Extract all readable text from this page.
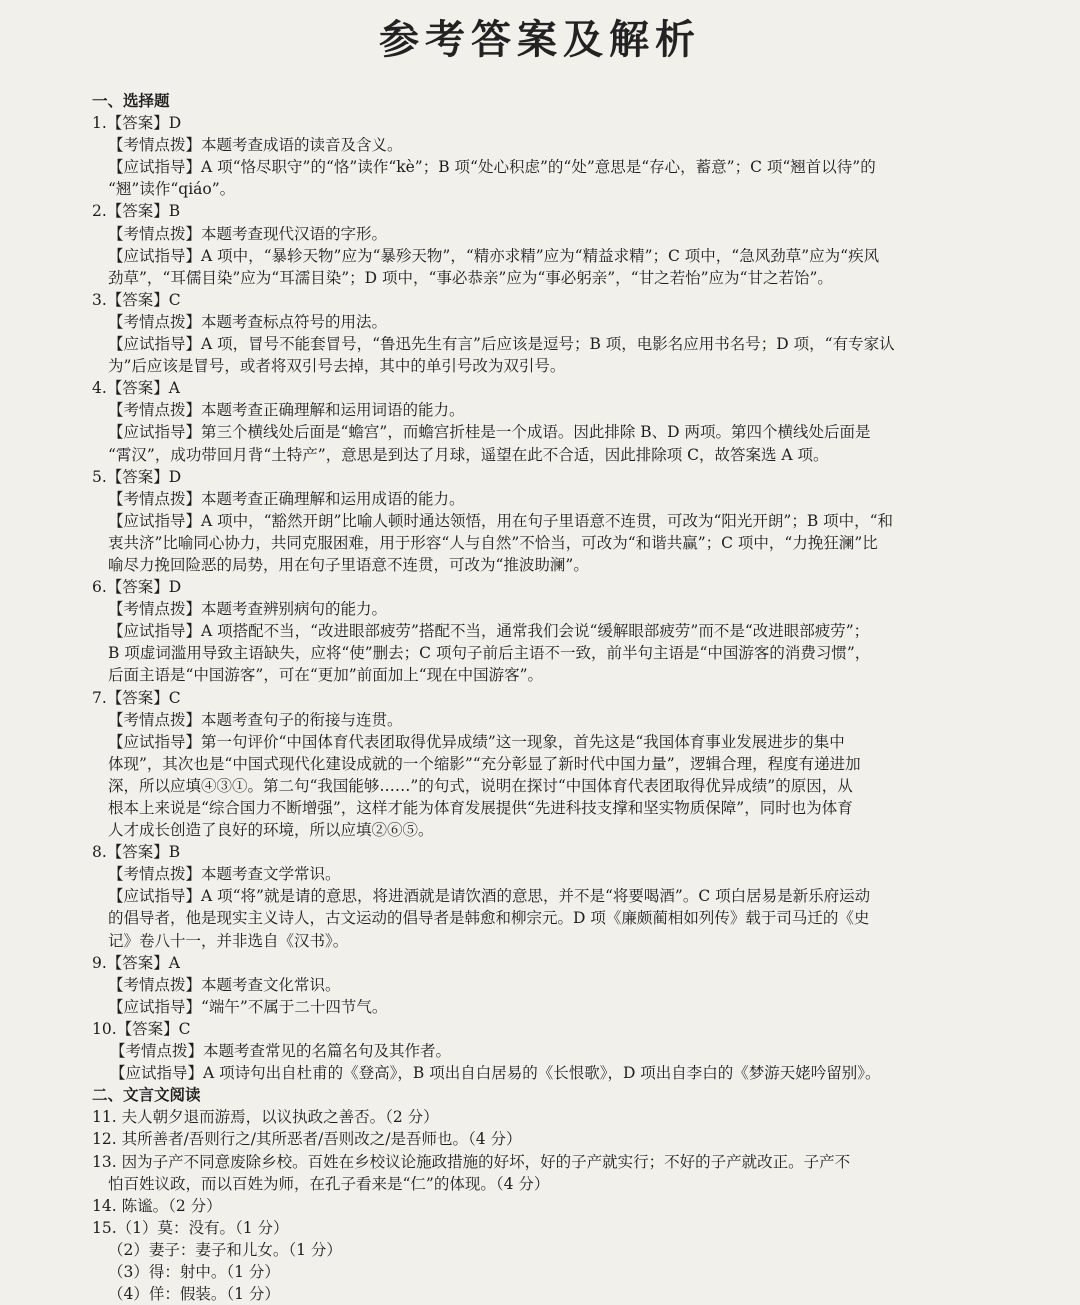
参考答案及解析
一、选择题
1.【答案】D
【考情点拨】本题考查成语的读音及含义。
【应试指导】A 项“恪尽职守”的“恪”读作“kè”；B 项“处心积虑”的“处”意思是“存心，蓄意”；C 项“翘首以待”的
“翘”读作“qiáo”。
2.【答案】B
【考情点拨】本题考查现代汉语的字形。
【应试指导】A 项中，“暴轸天物”应为“暴殄天物”，“精亦求精”应为“精益求精”；C 项中，“急风劲草”应为“疾风
劲草”，“耳儒目染”应为“耳濡目染”；D 项中，“事必恭亲”应为“事必躬亲”，“甘之若怡”应为“甘之若饴”。
3.【答案】C
【考情点拨】本题考查标点符号的用法。
【应试指导】A 项，冒号不能套冒号，“鲁迅先生有言”后应该是逗号；B 项，电影名应用书名号；D 项，“有专家认
为”后应该是冒号，或者将双引号去掉，其中的单引号改为双引号。
4.【答案】A
【考情点拨】本题考查正确理解和运用词语的能力。
【应试指导】第三个横线处后面是“蟾宫”，而蟾宫折桂是一个成语。因此排除 B、D 两项。第四个横线处后面是
“霄汉”，成功带回月背“土特产”，意思是到达了月球，遥望在此不合适，因此排除项 C，故答案选 A 项。
5.【答案】D
【考情点拨】本题考查正确理解和运用成语的能力。
【应试指导】A 项中，“豁然开朗”比喻人顿时通达领悟，用在句子里语意不连贯，可改为“阳光开朗”；B 项中，“和
衷共济”比喻同心协力，共同克服困难，用于形容“人与自然”不恰当，可改为“和谐共赢”；C 项中，“力挽狂澜”比
喻尽力挽回险恶的局势，用在句子里语意不连贯，可改为“推波助澜”。
6.【答案】D
【考情点拨】本题考查辨别病句的能力。
【应试指导】A 项搭配不当，“改进眼部疲劳”搭配不当，通常我们会说“缓解眼部疲劳”而不是“改进眼部疲劳”；
B 项虚词滥用导致主语缺失，应将“使”删去；C 项句子前后主语不一致，前半句主语是“中国游客的消费习惯”，
后面主语是“中国游客”，可在“更加”前面加上“现在中国游客”。
7.【答案】C
【考情点拨】本题考查句子的衔接与连贯。
【应试指导】第一句评价“中国体育代表团取得优异成绩”这一现象，首先这是“我国体育事业发展进步的集中
体现”，其次也是“中国式现代化建设成就的一个缩影”“充分彰显了新时代中国力量”，逻辑合理，程度有递进加
深，所以应填④③①。第二句“我国能够……”的句式，说明在探讨“中国体育代表团取得优异成绩”的原因，从
根本上来说是“综合国力不断增强”，这样才能为体育发展提供“先进科技支撑和坚实物质保障”，同时也为体育
人才成长创造了良好的环境，所以应填②⑥⑤。
8.【答案】B
【考情点拨】本题考查文学常识。
【应试指导】A 项“将”就是请的意思，将进酒就是请饮酒的意思，并不是“将要喝酒”。C 项白居易是新乐府运动
的倡导者，他是现实主义诗人，古文运动的倡导者是韩愈和柳宗元。D 项《廉颇蔺相如列传》载于司马迁的《史
记》卷八十一，并非选自《汉书》。
9.【答案】A
【考情点拨】本题考查文化常识。
【应试指导】“端午”不属于二十四节气。
10.【答案】C
【考情点拨】本题考查常见的名篇名句及其作者。
【应试指导】A 项诗句出自杜甫的《登高》，B 项出自白居易的《长恨歌》，D 项出自李白的《梦游天姥吟留别》。
二、文言文阅读
11. 夫人朝夕退而游焉，以议执政之善否。（2 分）
12. 其所善者/吾则行之/其所恶者/吾则改之/是吾师也。（4 分）
13. 因为子产不同意废除乡校。百姓在乡校议论施政措施的好坏，好的子产就实行；不好的子产就改正。子产不
怕百姓议政，而以百姓为师，在孔子看来是“仁”的体现。（4 分）
14. 陈谧。（2 分）
15.（1）莫：没有。（1 分）
（2）妻子：妻子和儿女。（1 分）
（3）得：射中。（1 分）
（4）佯：假装。（1 分）
